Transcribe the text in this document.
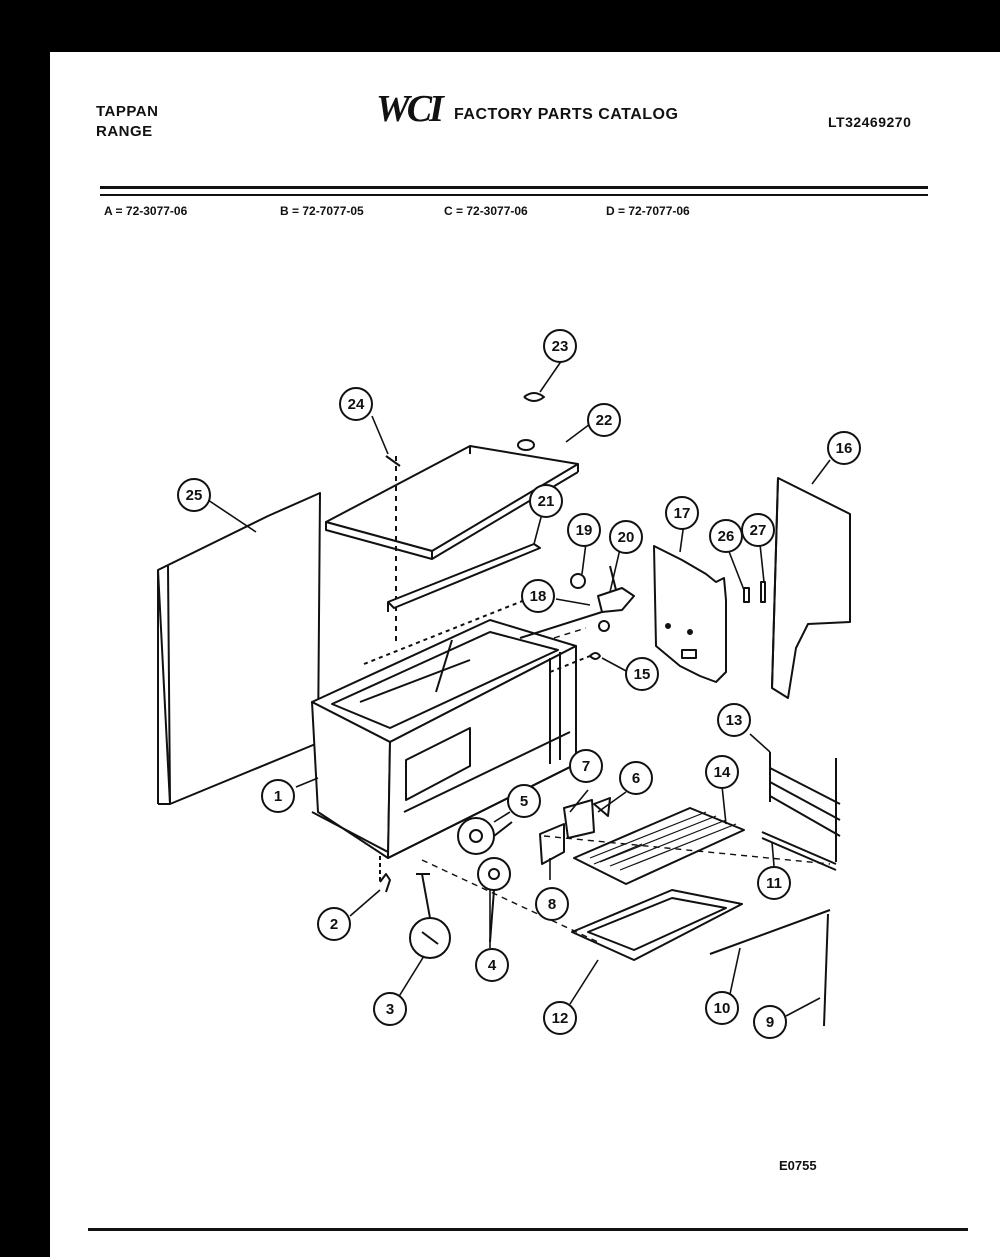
TAPPAN
RANGE
WCI FACTORY PARTS CATALOG	LT32469270
A = 72-3077-06	B = 72-7077-05	C = 72-3077-06	D = 72-7077-06
1
2
3
4
5
6
7
8
9
10
11
12
13
14
15
16
17
18
19 20
21
22
23
24
25
26 27
E0755
